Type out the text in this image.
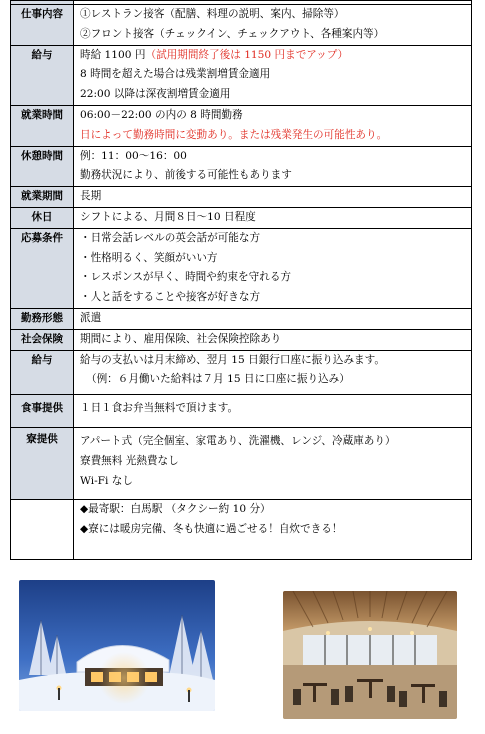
仕事内容	①レストラン接客（配膳、料理の説明、案内、掃除等）
②フロント接客（チェックイン、チェックアウト、各種案内等）

給与	時給 1100 円（試用期間終了後は 1150 円までアップ）
8 時間を超えた場合は残業割増賃金適用
22:00 以降は深夜割増賃金適用

就業時間	06:00－22:00 の内の 8 時間勤務
日によって勤務時間に変動あり。または残業発生の可能性あり。

休憩時間	例：11：00～16：00
勤務状況により、前後する可能性もあります

就業期間	長期

休日	シフトによる、月間８日～10 日程度

応募条件	・日常会話レベルの英会話が可能な方
・性格明るく、笑顔がいい方
・レスポンスが早く、時間や約束を守れる方
・人と話をすることや接客が好きな方

勤務形態	派遣

社会保険	期間により、雇用保険、社会保険控除あり

給与	給与の支払いは月末締め、翌月 15 日銀行口座に振り込みます。
（例：６月働いた給料は７月 15 日に口座に振り込み）

食事提供	１日１食お弁当無料で頂けます。

寮提供	アパート式（完全個室、家電あり、洗濯機、レンジ、冷蔵庫あり）
寮費無料 光熱費なし
Wi-Fi なし

	◆最寄駅：白馬駅 （タクシー約 10 分）
◆寮には暖房完備、冬も快適に過ごせる！自炊できる！
